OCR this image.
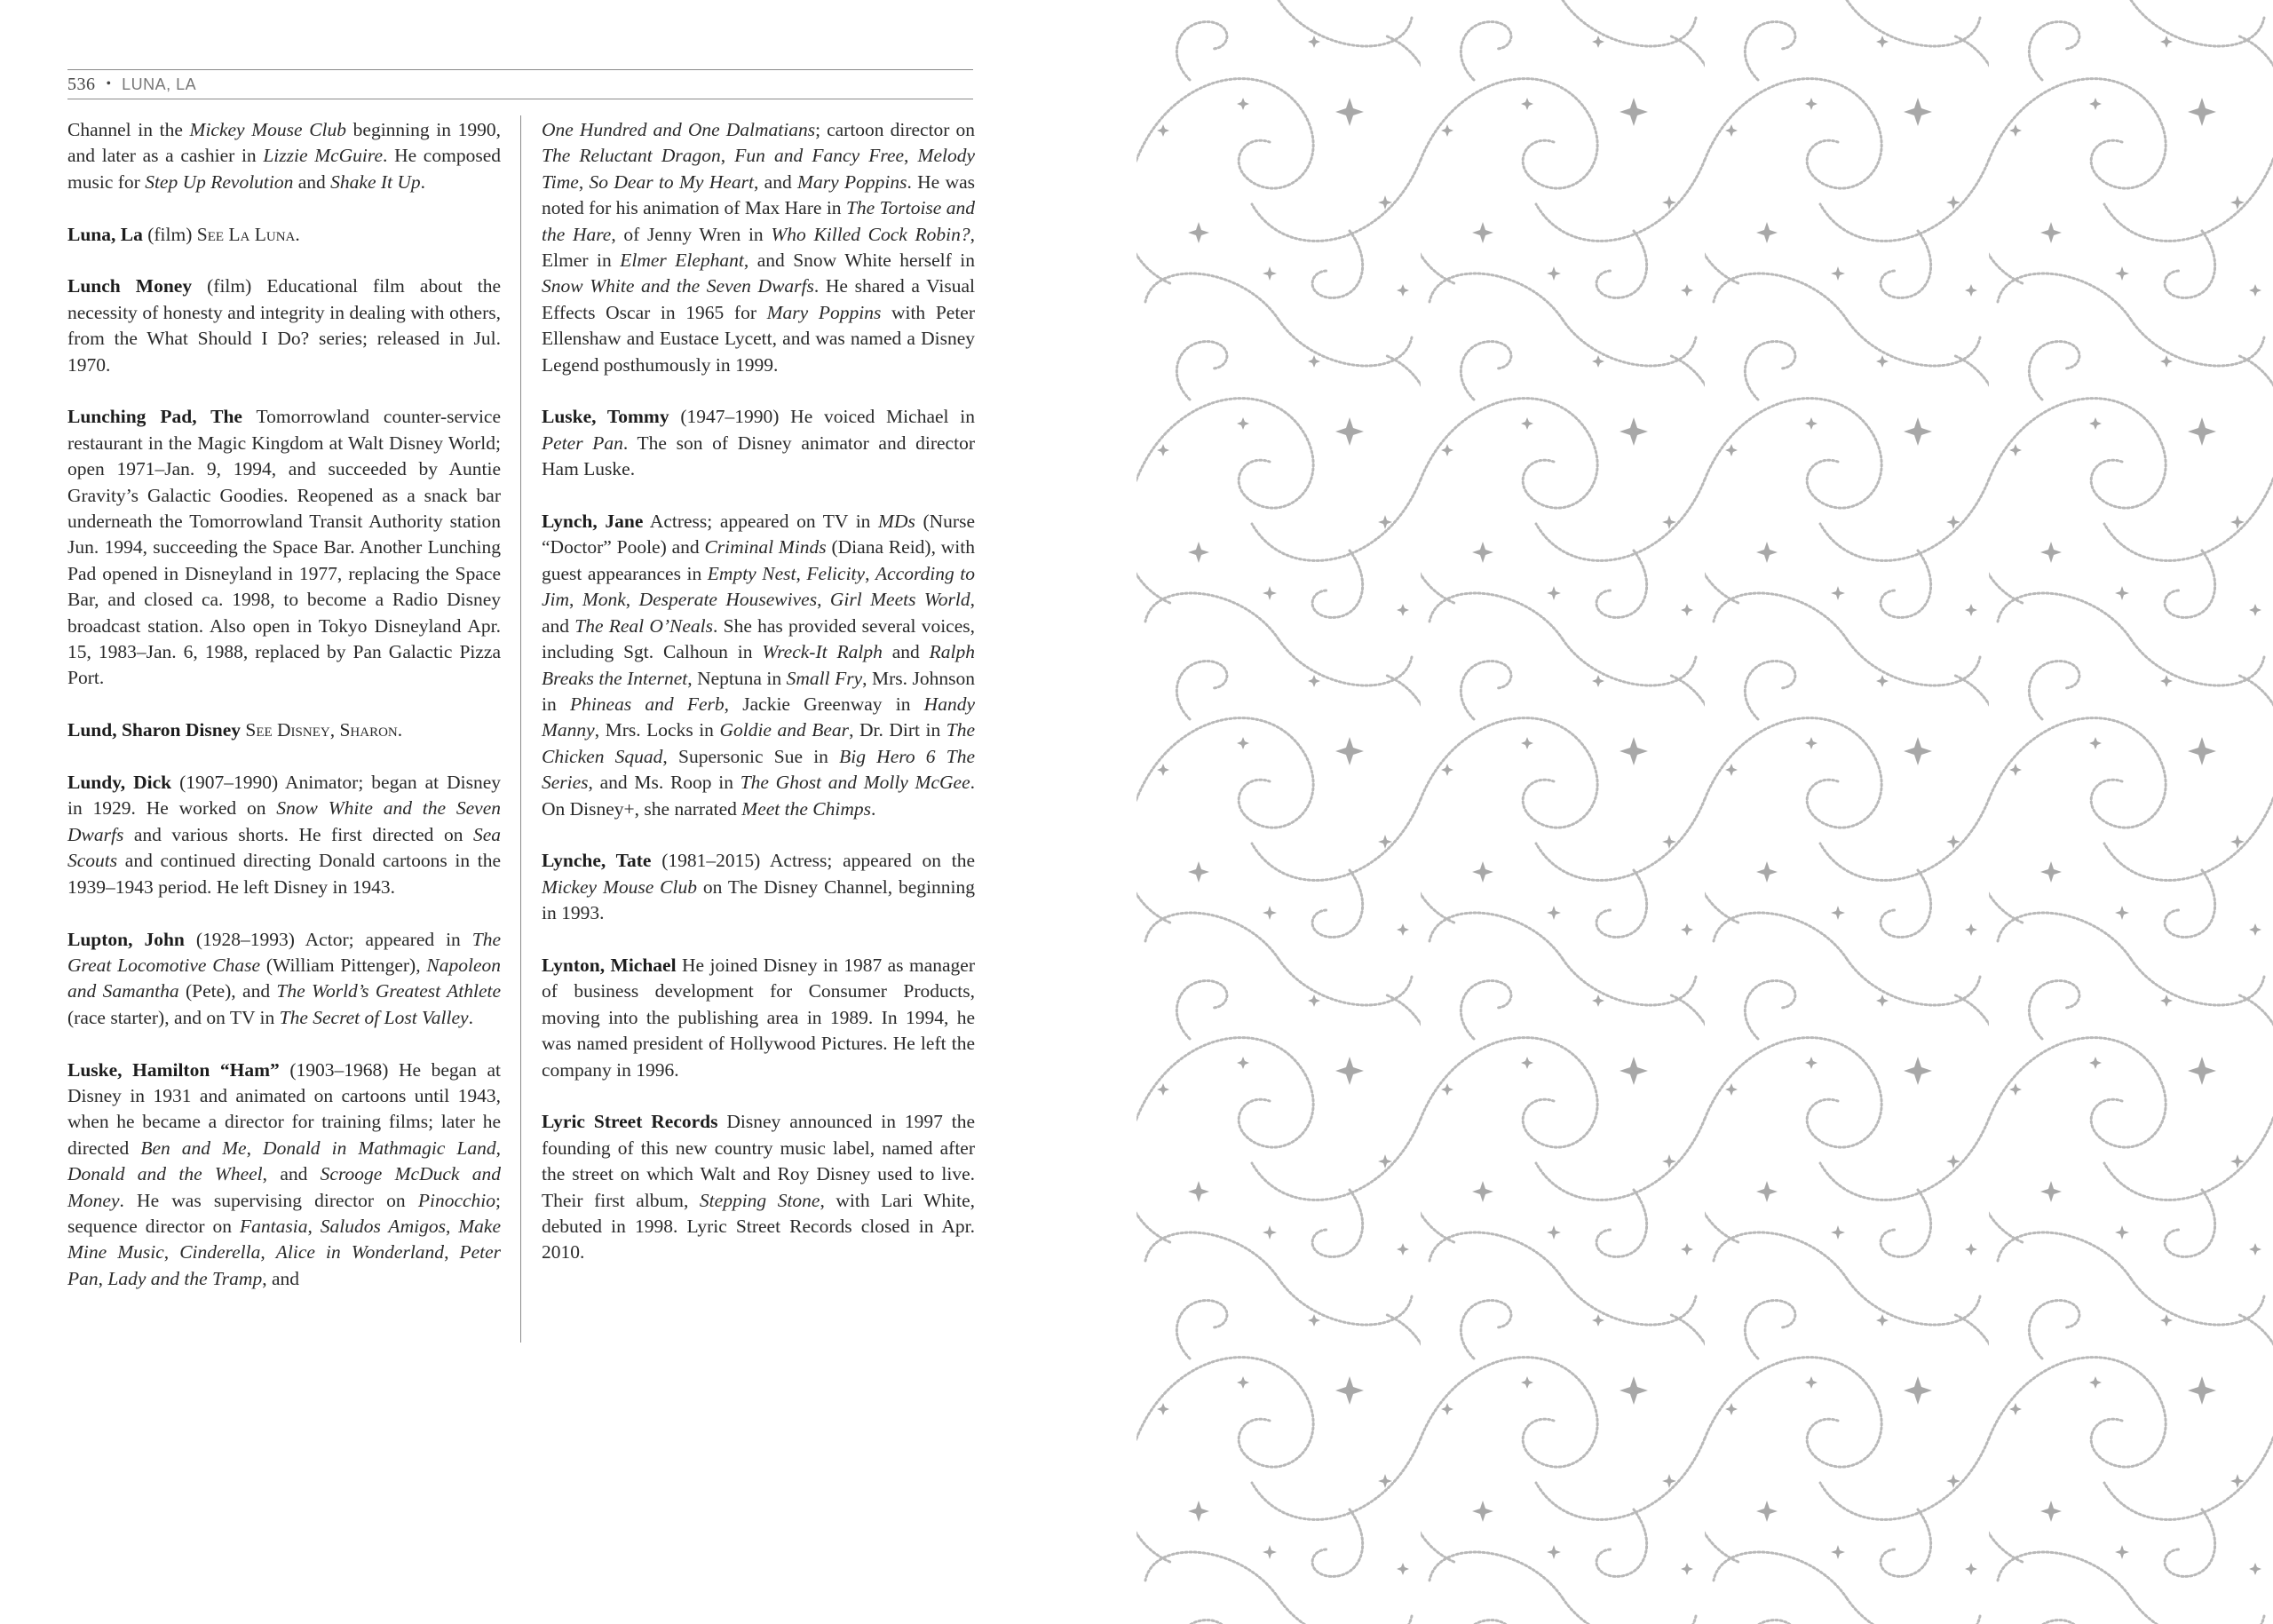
536 • LUNA, LA

Channel in the Mickey Mouse Club beginning in 1990, and later as a cashier in Lizzie McGuire. He composed music for Step Up Revolution and Shake It Up.

Luna, La (film) See La Luna.

Lunch Money (film) Educational film about the necessity of honesty and integrity in dealing with others, from the What Should I Do? series; released in Jul. 1970.

Lunching Pad, The Tomorrowland counter-service restaurant in the Magic Kingdom at Walt Disney World; open 1971–Jan. 9, 1994, and succeeded by Auntie Gravity’s Galactic Goodies. Reopened as a snack bar underneath the Tomorrowland Transit Authority station Jun. 1994, succeeding the Space Bar. Another Lunching Pad opened in Disneyland in 1977, replacing the Space Bar, and closed ca. 1998, to become a Radio Disney broadcast station. Also open in Tokyo Disneyland Apr. 15, 1983–Jan. 6, 1988, replaced by Pan Galactic Pizza Port.

Lund, Sharon Disney See Disney, Sharon.

Lundy, Dick (1907–1990) Animator; began at Disney in 1929. He worked on Snow White and the Seven Dwarfs and various shorts. He first directed on Sea Scouts and continued directing Donald cartoons in the 1939–1943 period. He left Disney in 1943.

Lupton, John (1928–1993) Actor; appeared in The Great Locomotive Chase (William Pittenger), Napoleon and Samantha (Pete), and The World’s Greatest Athlete (race starter), and on TV in The Secret of Lost Valley.

Luske, Hamilton “Ham” (1903–1968) He began at Disney in 1931 and animated on cartoons until 1943, when he became a director for training films; later he directed Ben and Me, Donald in Mathmagic Land, Donald and the Wheel, and Scrooge McDuck and Money. He was supervising director on Pinocchio; sequence director on Fantasia, Saludos Amigos, Make Mine Music, Cinderella, Alice in Wonderland, Peter Pan, Lady and the Tramp, and

One Hundred and One Dalmatians; cartoon director on The Reluctant Dragon, Fun and Fancy Free, Melody Time, So Dear to My Heart, and Mary Poppins. He was noted for his animation of Max Hare in The Tortoise and the Hare, of Jenny Wren in Who Killed Cock Robin?, Elmer in Elmer Elephant, and Snow White herself in Snow White and the Seven Dwarfs. He shared a Visual Effects Oscar in 1965 for Mary Poppins with Peter Ellenshaw and Eustace Lycett, and was named a Disney Legend posthumously in 1999.

Luske, Tommy (1947–1990) He voiced Michael in Peter Pan. The son of Disney animator and director Ham Luske.

Lynch, Jane Actress; appeared on TV in MDs (Nurse “Doctor” Poole) and Criminal Minds (Diana Reid), with guest appearances in Empty Nest, Felicity, According to Jim, Monk, Desperate Housewives, Girl Meets World, and The Real O’Neals. She has provided several voices, including Sgt. Calhoun in Wreck-It Ralph and Ralph Breaks the Internet, Neptuna in Small Fry, Mrs. Johnson in Phineas and Ferb, Jackie Greenway in Handy Manny, Mrs. Locks in Goldie and Bear, Dr. Dirt in The Chicken Squad, Supersonic Sue in Big Hero 6 The Series, and Ms. Roop in The Ghost and Molly McGee. On Disney+, she narrated Meet the Chimps.

Lynche, Tate (1981–2015) Actress; appeared on the Mickey Mouse Club on The Disney Channel, beginning in 1993.

Lynton, Michael He joined Disney in 1987 as manager of business development for Consumer Products, moving into the publishing area in 1989. In 1994, he was named president of Hollywood Pictures. He left the company in 1996.

Lyric Street Records Disney announced in 1997 the founding of this new country music label, named after the street on which Walt and Roy Disney used to live. Their first album, Stepping Stone, with Lari White, debuted in 1998. Lyric Street Records closed in Apr. 2010.
